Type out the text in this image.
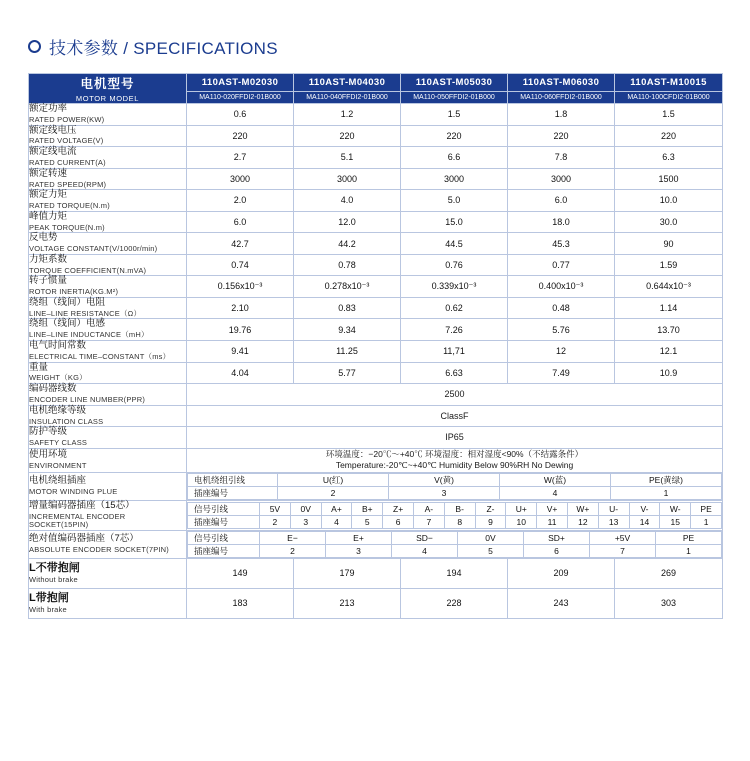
技术参数 / SPECIFICATIONS
电机型号
MOTOR MODEL
	110AST-M02030	110AST-M04030	110AST-M05030	110AST-M06030	110AST-M10015
MA110-020FFDI2-01B000	MA110-040FFDI2-01B000	MA110-050FFDI2-01B000	MA110-060FFDI2-01B000	MA110-100CFDI2-01B000

额定功率
RATED POWER(KW)
	0.6	1.2	1.5	1.8	1.5

额定线电压
RATED VOLTAGE(V)
	220	220	220	220	220

额定线电流
RATED CURRENT(A)
	2.7	5.1	6.6	7.8	6.3

额定转速
RATED SPEED(RPM)
	3000	3000	3000	3000	1500

额定力矩
RATED TORQUE(N.m)
	2.0	4.0	5.0	6.0	10.0

峰值力矩
PEAK TORQUE(N.m)
	6.0	12.0	15.0	18.0	30.0

反电势
VOLTAGE CONSTANT(V/1000r/min)
	42.7	44.2	44.5	45.3	90

力矩系数
TORQUE COEFFICIENT(N.mVA)
	0.74	0.78	0.76	0.77	1.59

转子惯量
ROTOR INERTIA(KG.M²)
	0.156x10⁻³	0.278x10⁻³	0.339x10⁻³	0.400x10⁻³	0.644x10⁻³

绕组（线间）电阻
LINE–LINE RESISTANCE（Ω）
	2.10	0.83	0.62	0.48	1.14

绕组（线间）电感
LINE–LINE INDUCTANCE（mH）
	19.76	9.34	7.26	5.76	13.70

电气时间常数
ELECTRICAL TIME–CONSTANT（ms）
	9.41	11.25	11,71	12	12.1

重量
WEIGHT（KG）
	4.04	5.77	6.63	7.49	10.9

编码器线数
ENCODER LINE NUMBER(PPR)
	2500

电机绝缘等级
INSULATION CLASS
	ClassF

防护等级
SAFETY CLASS
	IP65

使用环境
ENVIRONMENT

环境温度：−20℃～+40℃ 环境湿度：相对湿度<90%（不结露条件）
Temperature:-20℃~+40℃ Humidity Below 90%RH No Dewing

电机绕组插座
MOTOR WINDING PLUE

电机绕组引线	U(红)	V(黄)	W(蓝)	PE(黄绿)
插座编号	2	3	4	1

增量编码器插座（15芯）
INCREMENTAL ENCODER SOCKET(15PIN)

信号引线	5V	0V	A+	B+	Z+	A-	B-	Z-	U+	V+	W+	U-	V-	W-	PE
插座编号	2	3	4	5	6	7	8	9	10	11	12	13	14	15	1

绝对值编码器插座（7芯）
ABSOLUTE ENCODER SOCKET(7PIN)

信号引线	E−	E+	SD−	0V	SD+	+5V	PE
插座编号	2	3	4	5	6	7	1

L不带抱闸
Without brake
	149	179	194	209	269

L带抱闸
With brake
	183	213	228	243	303
